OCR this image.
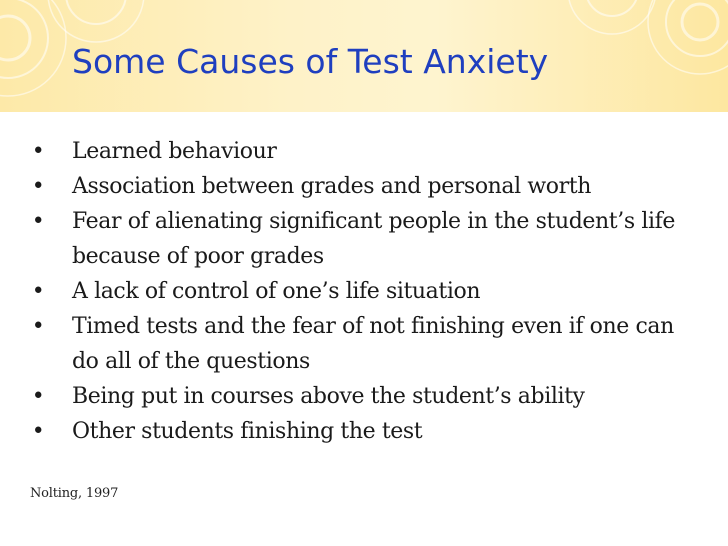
Some Causes of Test Anxiety
• Learned behaviour
• Association between grades and personal worth
• Fear of alienating significant people in the student’s life because of poor grades
• A lack of control of one’s life situation
• Timed tests and the fear of not finishing even if one can do all of the questions
• Being put in courses above the student’s ability
• Other students finishing the test
Nolting, 1997
